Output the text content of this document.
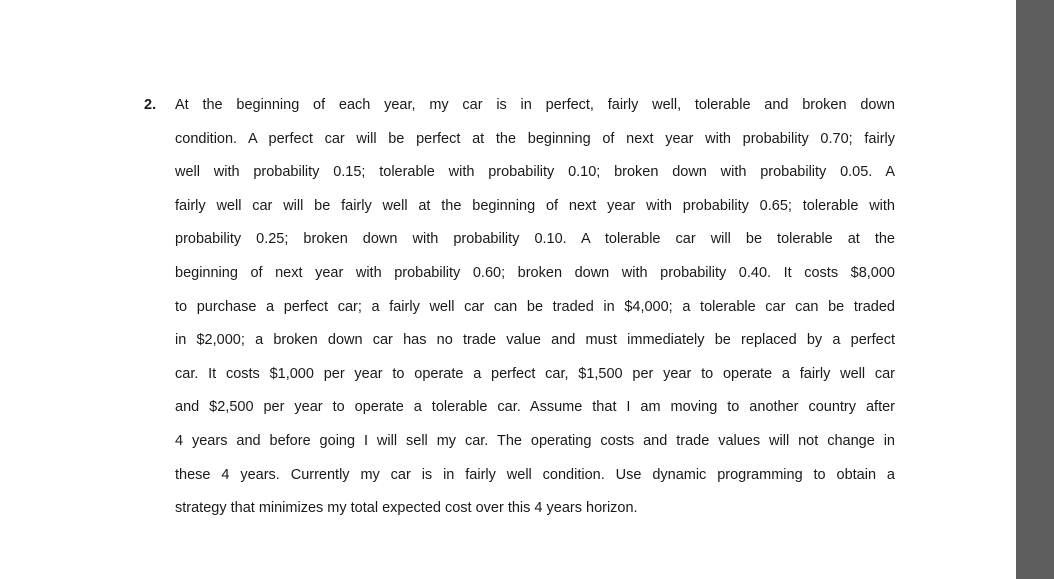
2. At the beginning of each year, my car is in perfect, fairly well, tolerable and broken down
condition. A perfect car will be perfect at the beginning of next year with probability 0.70; fairly
well with probability 0.15; tolerable with probability 0.10; broken down with probability 0.05. A
fairly well car will be fairly well at the beginning of next year with probability 0.65; tolerable with
probability 0.25; broken down with probability 0.10. A tolerable car will be tolerable at the
beginning of next year with probability 0.60; broken down with probability 0.40. It costs $8,000
to purchase a perfect car; a fairly well car can be traded in $4,000; a tolerable car can be traded
in $2,000; a broken down car has no trade value and must immediately be replaced by a perfect
car. It costs $1,000 per year to operate a perfect car, $1,500 per year to operate a fairly well car
and $2,500 per year to operate a tolerable car. Assume that I am moving to another country after
4 years and before going I will sell my car. The operating costs and trade values will not change in
these 4 years. Currently my car is in fairly well condition. Use dynamic programming to obtain a
strategy that minimizes my total expected cost over this 4 years horizon.
